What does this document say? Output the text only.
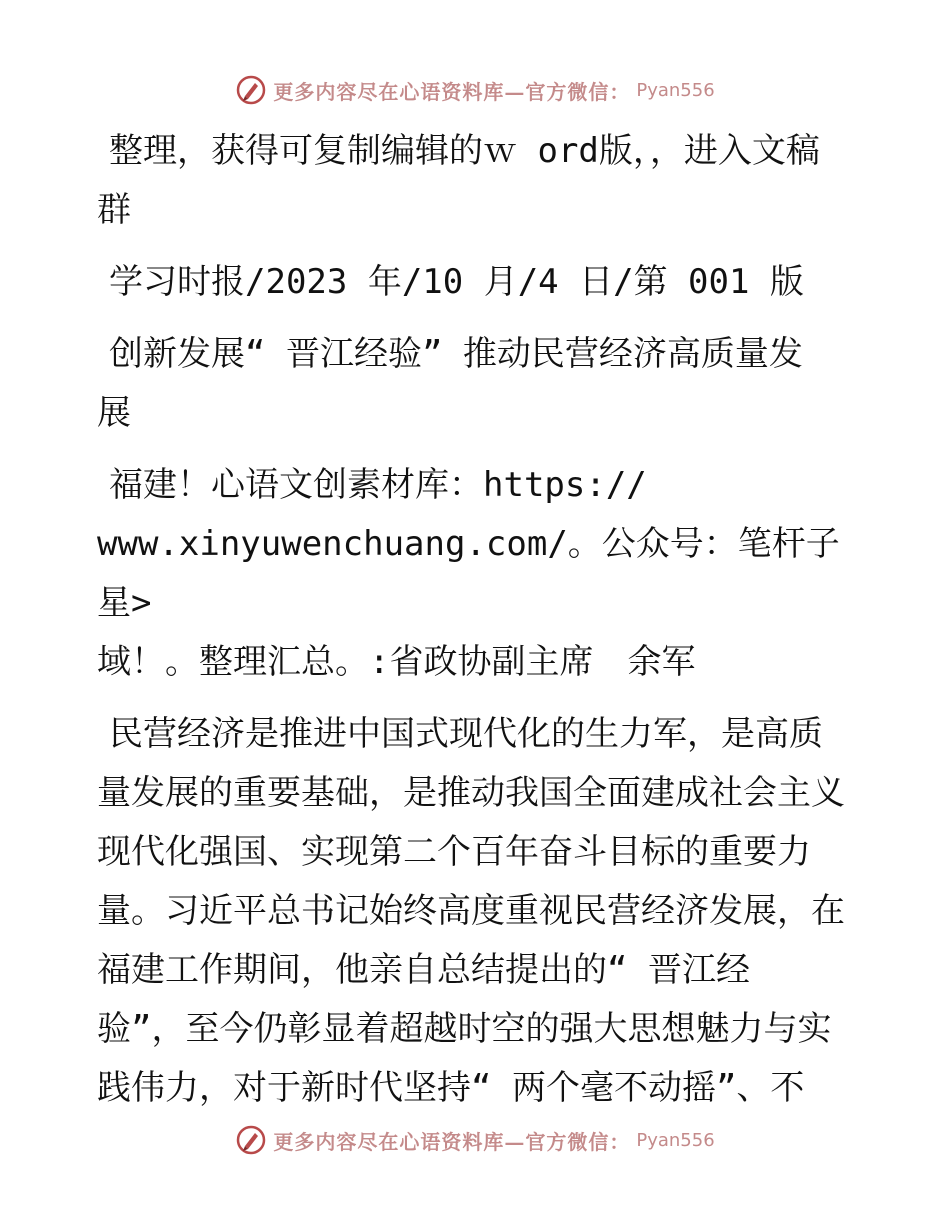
更多内容尽在心语资料库—官方微信： Pyan556

整理，获得可复制编辑的ｗ ord版，，进入文稿

群

学习时报/2023 年/10 月/4 日/第 001 版

创新发展“ 晋江经验” 推动民营经济高质量发

展

福建！心语文创素材库：https://

www.xinyuwenchuang.com/。公众号：笔杆子星>

域！。整理汇总。:省政协副主席　余军

民营经济是推进中国式现代化的生力军，是高质

量发展的重要基础，是推动我国全面建成社会主义

现代化强国、实现第二个百年奋斗目标的重要力

量。习近平总书记始终高度重视民营经济发展，在

福建工作期间，他亲自总结提出的“ 晋江经

验”，至今仍彰显着超越时空的强大思想魅力与实

践伟力，对于新时代坚持“ 两个毫不动摇”、不

更多内容尽在心语资料库—官方微信： Pyan556
